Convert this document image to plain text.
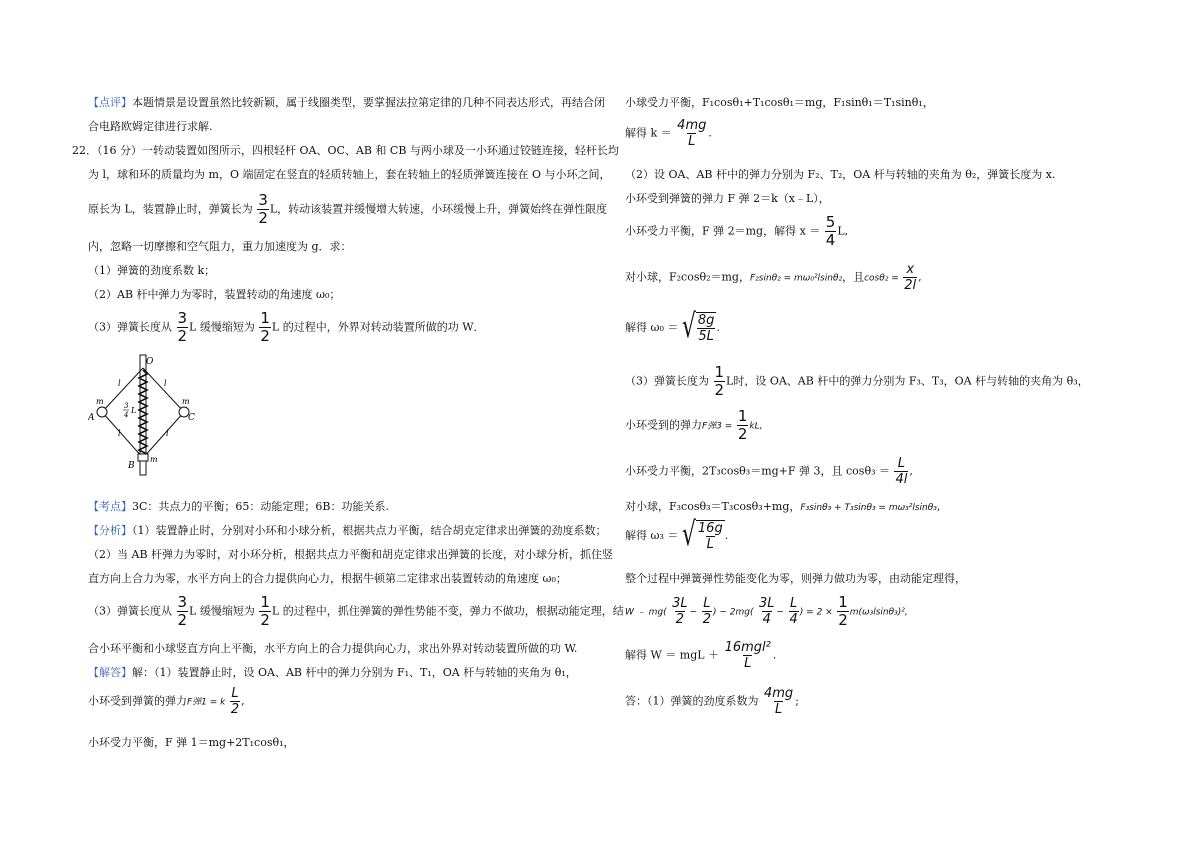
【点评】本题情景是设置虽然比较新颖，属于线圈类型，要掌握法拉第定律的几种不同表达形式，再结合闭
合电路欧姆定律进行求解.
22．（16 分）一转动装置如图所示，四根轻杆 OA、OC、AB 和 CB 与两小球及一小环通过铰链连接，轻杆长均
为 l，球和环的质量均为 m，O 端固定在竖直的轻质转轴上，套在转轴上的轻质弹簧连接在 O 与小环之间，
原长为 L，装置静止时，弹簧长为 $\frac{3}{2}$ L，转动该装置并缓慢增大转速，小环缓慢上升，弹簧始终在弹性限度
内，忽略一切摩擦和空气阻力，重力加速度为 g．求：
（1）弹簧的劲度系数 k；
（2）AB 杆中弹力为零时，装置转动的角速度 ω₀；
（3）弹簧长度从 $\frac{3}{2}$ L 缓慢缩短为 $\frac{1}{2}$ L 的过程中，外界对转动装置所做的功 W．
O
A	C
B
m	m
m
l	l
l	l
3
4 L
【考点】3C：共点力的平衡；65：动能定理；6B：功能关系.
【分析】（1）装置静止时，分别对小环和小球分析，根据共点力平衡，结合胡克定律求出弹簧的劲度系数；
（2）当 AB 杆弹力为零时，对小环分析，根据共点力平衡和胡克定律求出弹簧的长度，对小球分析，抓住竖
直方向上合力为零，水平方向上的合力提供向心力，根据牛顿第二定律求出装置转动的角速度 ω₀；
（3）弹簧长度从 $\frac{3}{2}$ L 缓慢缩短为 $\frac{1}{2}$ L 的过程中，抓住弹簧的弹性势能不变，弹力不做功，根据动能定理，结
合小环平衡和小球竖直方向上平衡，水平方向上的合力提供向心力，求出外界对转动装置所做的功 W.
【解答】解：（1）装置静止时，设 OA、AB 杆中的弹力分别为 F₁、T₁，OA 杆与转轴的夹角为 θ₁，
小环受到弹簧的弹力F弹1 = k $\frac{L}{2}$ ,
小环受力平衡，F 弹 1＝mg+2T₁cosθ₁，
小球受力平衡，F₁cosθ₁+T₁cosθ₁＝mg，F₁sinθ₁＝T₁sinθ₁，
解得 $k = \frac{4mg}{L}$ .
（2）设 OA、AB 杆中的弹力分别为 F₂、T₂，OA 杆与转轴的夹角为 θ₂，弹簧长度为 x.
小环受到弹簧的弹力 F 弹 2＝k（x﹣L），
小环受力平衡，F 弹 2＝mg，解得 $x = \frac{5}{4} L$,
对小球，F₂cosθ₂＝mg，F₂sinθ₂ = mω₀²lsinθ₂，且$\cos\theta_2 = \frac{x}{2l}$ ,
解得 ω₀ ＝ √ $\frac{8g}{5L}$ .
（3）弹簧长度为 $\frac{1}{2}$ L时，设 OA、AB 杆中的弹力分别为 F₃、T₃，OA 杆与转轴的夹角为 θ₃，
小环受到的弹力F弹$3 = \frac{1}{2}$ kL,
小环受力平衡，2T₃cosθ₃＝mg+F 弹 3，且 $\cos\theta_3 = \frac{L}{4l}$ ,
对小球，F₃cosθ₃＝T₃cosθ₃+mg，F₃sinθ₃ + T₃sinθ₃ = mω₃²lsinθ₃,
解得 ω₃ ＝ √ $\frac{16g}{L}$ .
整个过程中弹簧弹性势能变化为零，则弹力做功为零，由动能定理得，
W ﹣ $mg( \frac{3L}{2} - \frac{L}{2}$ ) − $2mg( \frac{3L}{4} - \frac{L}{4}$ ) = $2 \times \frac{1}{2} m(\omega_3lsin\theta_3)^2$,
解得 W ＝ mgL ＋ $\frac{\text{16mgl²}}{L}$ .
答：（1）弹簧的劲度系数为 $\frac{4mg}{L}$ ;
